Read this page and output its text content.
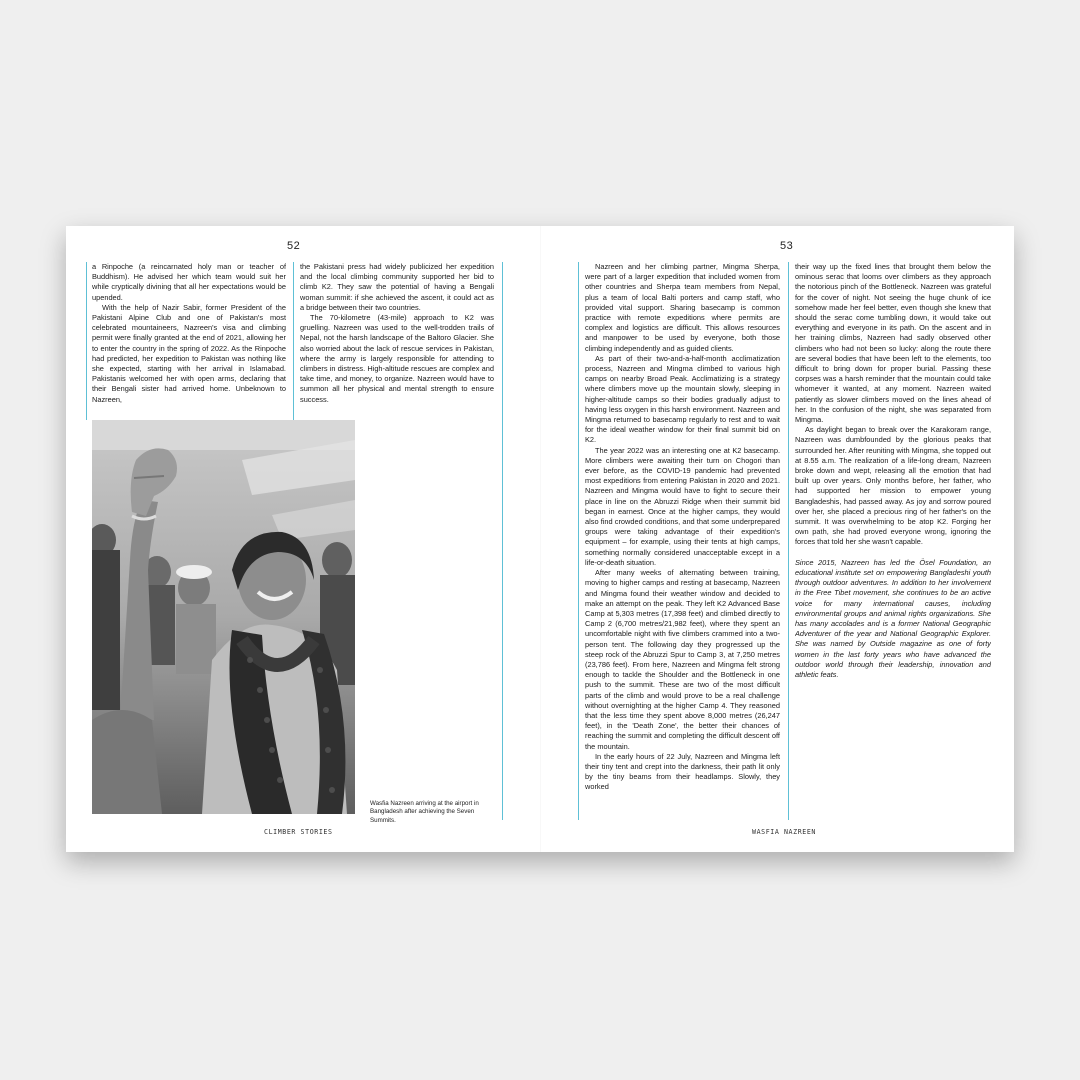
52

a Rinpoche (a reincarnated holy man or teacher of Buddhism). He advised her which team would suit her while cryptically divining that all her expectations would be upended.

With the help of Nazir Sabir, former President of the Pakistani Alpine Club and one of Pakistan's most celebrated mountaineers, Nazreen's visa and climbing permit were finally granted at the end of 2021, allowing her to enter the country in the spring of 2022. As the Rinpoche had predicted, her expedition to Pakistan was nothing like she expected, starting with her arrival in Islamabad. Pakistanis welcomed her with open arms, declaring that their Bengali sister had arrived home. Unbeknown to Nazreen,

the Pakistani press had widely publicized her expedition and the local climbing community supported her bid to climb K2. They saw the potential of having a Bengali woman summit: if she achieved the ascent, it could act as a bridge between their two countries.

The 70-kilometre (43-mile) approach to K2 was gruelling. Nazreen was used to the well-trodden trails of Nepal, not the harsh landscape of the Baltoro Glacier. She also worried about the lack of rescue services in Pakistan, where the army is largely responsible for attending to climbers in distress. High-altitude rescues are complex and take time, and money, to organize. Nazreen would have to summon all her physical and mental strength to ensure success.

Wasfia Nazreen arriving at the airport in Bangladesh after achieving the Seven Summits.
CLIMBER STORIES
53

Nazreen and her climbing partner, Mingma Sherpa, were part of a larger expedition that included women from other countries and Sherpa team members from Nepal, plus a team of local Balti porters and camp staff, who provided vital support. Sharing basecamp is common practice with remote expeditions where permits are complex and logistics are difficult. This allows resources and manpower to be used by everyone, both those climbing independently and as guided clients.

As part of their two-and-a-half-month acclimatization process, Nazreen and Mingma climbed to various high camps on nearby Broad Peak. Acclimatizing is a strategy where climbers move up the mountain slowly, sleeping in higher-altitude camps so their bodies gradually adjust to having less oxygen in this harsh environment. Nazreen and Mingma returned to basecamp regularly to rest and to wait for the ideal weather window for their final summit bid on K2.

The year 2022 was an interesting one at K2 basecamp. More climbers were awaiting their turn on Chogori than ever before, as the COVID-19 pandemic had prevented most expeditions from entering Pakistan in 2020 and 2021. Nazreen and Mingma would have to fight to secure their place in line on the Abruzzi Ridge when their summit bid began in earnest. Once at the higher camps, they would also find crowded conditions, and that some underprepared groups were taking advantage of their expedition's equipment – for example, using their tents at high camps, something normally considered unacceptable except in a life-or-death situation.

After many weeks of alternating between training, moving to higher camps and resting at basecamp, Nazreen and Mingma found their weather window and decided to make an attempt on the peak. They left K2 Advanced Base Camp at 5,303 metres (17,398 feet) and climbed directly to Camp 2 (6,700 metres/21,982 feet), where they spent an uncomfortable night with five climbers crammed into a two-person tent. The following day they progressed up the steep rock of the Abruzzi Spur to Camp 3, at 7,250 metres (23,786 feet). From here, Nazreen and Mingma felt strong enough to tackle the Shoulder and the Bottleneck in one push to the summit. These are two of the most difficult parts of the climb and would prove to be a real challenge without overnighting at the higher Camp 4. They reasoned that the less time they spent above 8,000 metres (26,247 feet), in the 'Death Zone', the better their chances of reaching the summit and completing the difficult descent off the mountain.

In the early hours of 22 July, Nazreen and Mingma left their tiny tent and crept into the darkness, their path lit only by the tiny beams from their headlamps. Slowly, they worked

their way up the fixed lines that brought them below the ominous serac that looms over climbers as they approach the notorious pinch of the Bottleneck. Nazreen was grateful for the cover of night. Not seeing the huge chunk of ice somehow made her feel better, even though she knew that should the serac come tumbling down, it would take out everything and everyone in its path. On the ascent and in her training climbs, Nazreen had sadly observed other climbers who had not been so lucky: along the route there are several bodies that have been left to the elements, too difficult to bring down for proper burial. Passing these corpses was a harsh reminder that the mountain could take whomever it wanted, at any moment. Nazreen waited patiently as slower climbers moved on the lines ahead of her. In the confusion of the night, she was separated from Mingma.

As daylight began to break over the Karakoram range, Nazreen was dumbfounded by the glorious peaks that surrounded her. After reuniting with Mingma, she topped out at 8.55 a.m. The realization of a life-long dream, Nazreen broke down and wept, releasing all the emotion that had built up over years. Only months before, her father, who had supported her mission to empower young Bangladeshis, had passed away. As joy and sorrow poured over her, she placed a precious ring of her father's on the summit. It was overwhelming to be atop K2. Forging her own path, she had proved everyone wrong, ignoring the forces that told her she wasn't capable.

Since 2015, Nazreen has led the Ösel Foundation, an educational institute set on empowering Bangladeshi youth through outdoor adventures. In addition to her involvement in the Free Tibet movement, she continues to be an active voice for many international causes, including environmental groups and animal rights organizations. She has many accolades and is a former National Geographic Adventurer of the year and National Geographic Explorer. She was named by Outside magazine as one of forty women in the last forty years who have advanced the outdoor world through their leadership, innovation and athletic feats.

WASFIA NAZREEN
